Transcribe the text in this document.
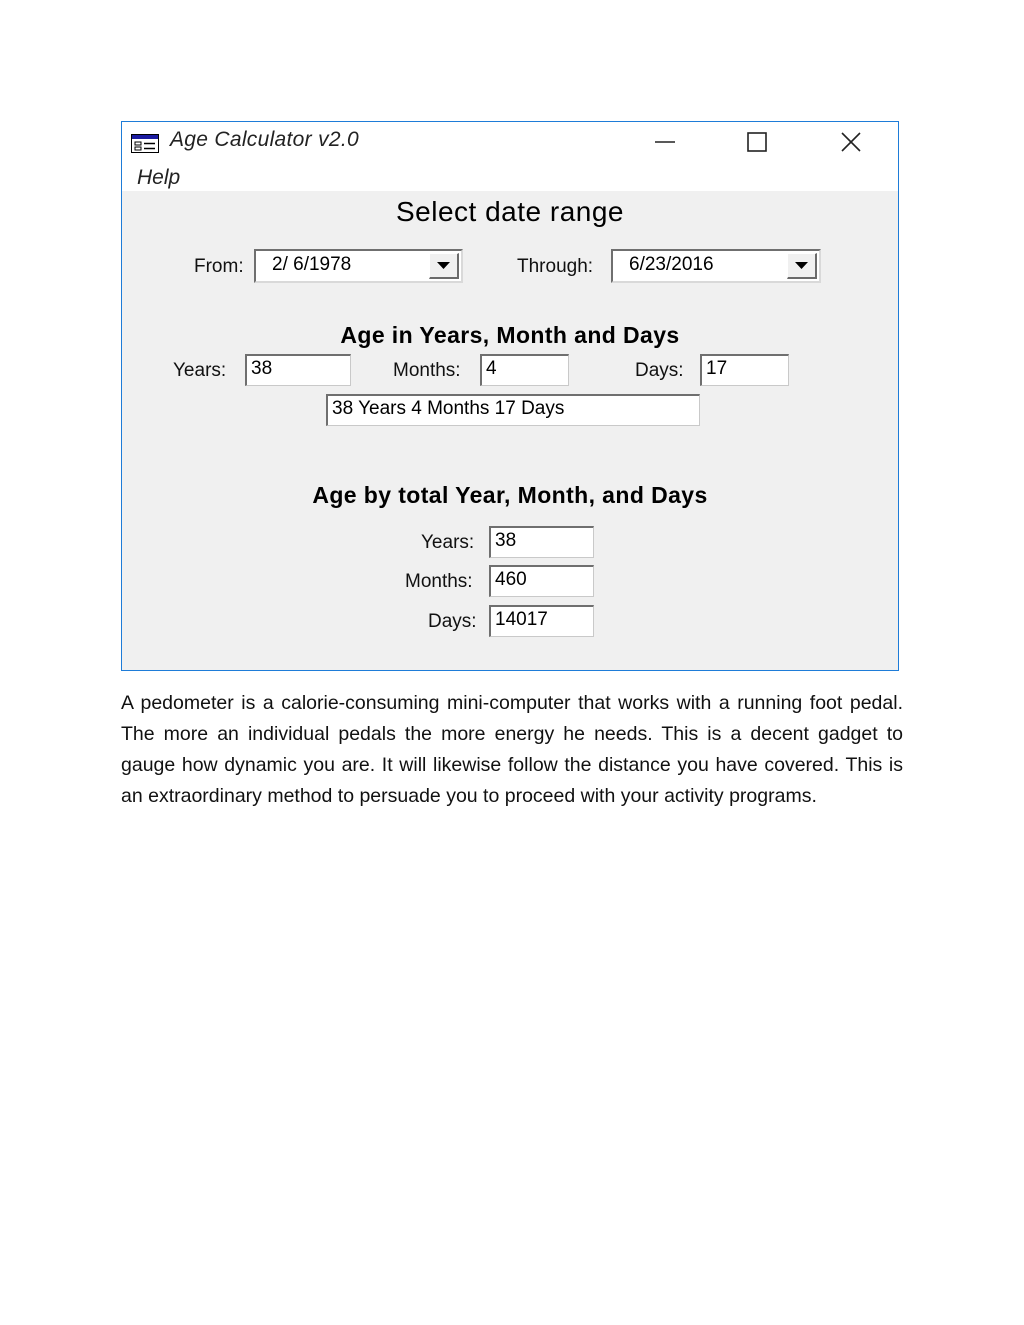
Age Calculator v2.0
Help
Select date range
From: 2/ 6/1978	Through: 6/23/2016
Age in Years, Month and Days
Years:	38	Months:	4	Days:	17
38 Years 4 Months 17 Days
Age by total Year, Month, and Days
Years:	38
Months:	460
Days: 14017

A pedometer is a calorie-consuming mini-computer that works with a running foot pedal. The more an individual pedals the more energy he needs. This is a decent gadget to gauge how dynamic you are. It will likewise follow the distance you have covered. This is an extraordinary method to persuade you to proceed with your activity programs.
